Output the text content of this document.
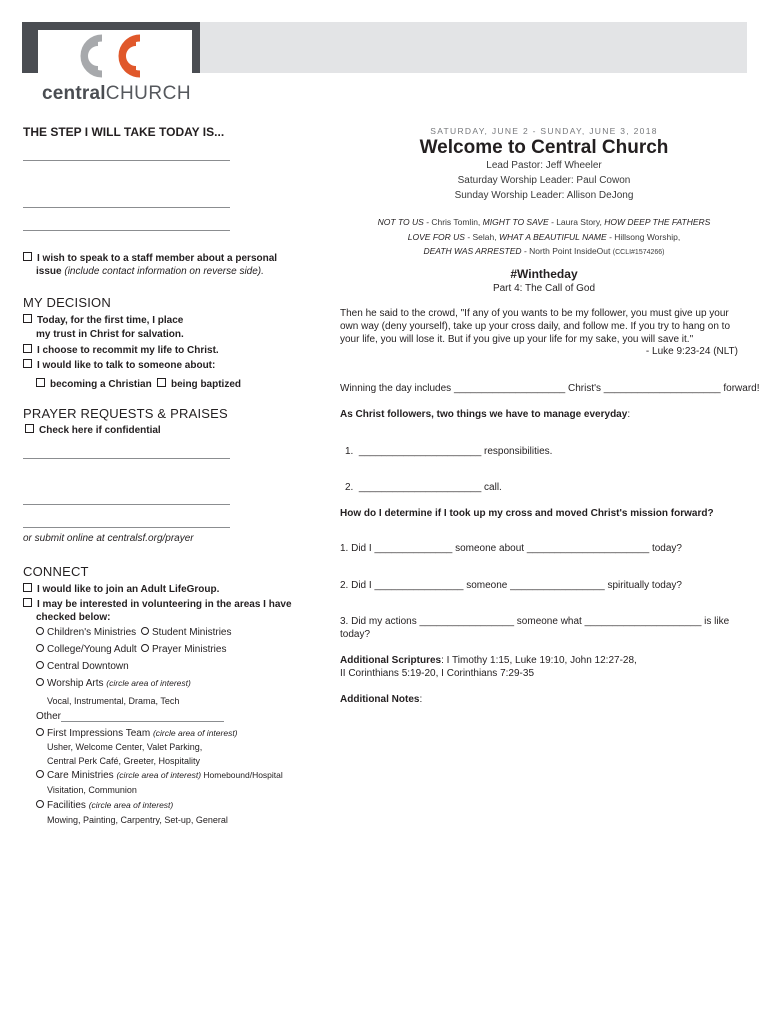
centralCHURCH
THE STEP I WILL TAKE TODAY IS...
I wish to speak to a staff member about a personal
issue (include contact information on reverse side).
MY DECISION
Today, for the first time, I place
my trust in Christ for salvation.
I choose to recommit my life to Christ.
I would like to talk to someone about:
becoming a Christian	being baptized
PRAYER REQUESTS & PRAISES
Check here if confidential
or submit online at centralsf.org/prayer
CONNECT
I would like to join an Adult LifeGroup.
I may be interested in volunteering in the areas I have
checked below:
Children's Ministries	Student Ministries
College/Young Adult	Prayer Ministries
Central Downtown
Worship Arts (circle area of interest)
Vocal, Instrumental, Drama, Tech
Other
First Impressions Team (circle area of interest)
Usher, Welcome Center, Valet Parking,
Central Perk Café, Greeter, Hospitality
Care Ministries (circle area of interest) Homebound/Hospital
Visitation, Communion
Facilities (circle area of interest)
Mowing, Painting, Carpentry, Set-up, General
SATURDAY, JUNE 2 - SUNDAY, JUNE 3, 2018
Welcome to Central Church
Lead Pastor: Jeff Wheeler
Saturday Worship Leader: Paul Cowon
Sunday Worship Leader: Allison DeJong
NOT TO US - Chris Tomlin, MIGHT TO SAVE - Laura Story, HOW DEEP THE FATHERS
LOVE FOR US - Selah, WHAT A BEAUTIFUL NAME - Hillsong Worship,
DEATH WAS ARRESTED - North Point InsideOut (CCLI#1574266)
#Wintheday
Part 4: The Call of God
Then he said to the crowd, "If any of you wants to be my follower, you must give up your own way (deny yourself), take up your cross daily, and follow me. If you try to hang on to your life, you will lose it. But if you give up your life for my sake, you will save it."
- Luke 9:23-24 (NLT)
Winning the day includes ____________________ Christ's _____________________ forward!
As Christ followers, two things we have to manage everyday:
1. ______________________ responsibilities.
2. ______________________ call.
How do I determine if I took up my cross and moved Christ's mission forward?
1. Did I ______________ someone about ______________________ today?
2. Did I ________________ someone _________________ spiritually today?
3. Did my actions _________________ someone what _____________________ is like
today?
Additional Scriptures: I Timothy 1:15, Luke 19:10, John 12:27-28,
II Corinthians 5:19-20, I Corinthians 7:29-35
Additional Notes:
